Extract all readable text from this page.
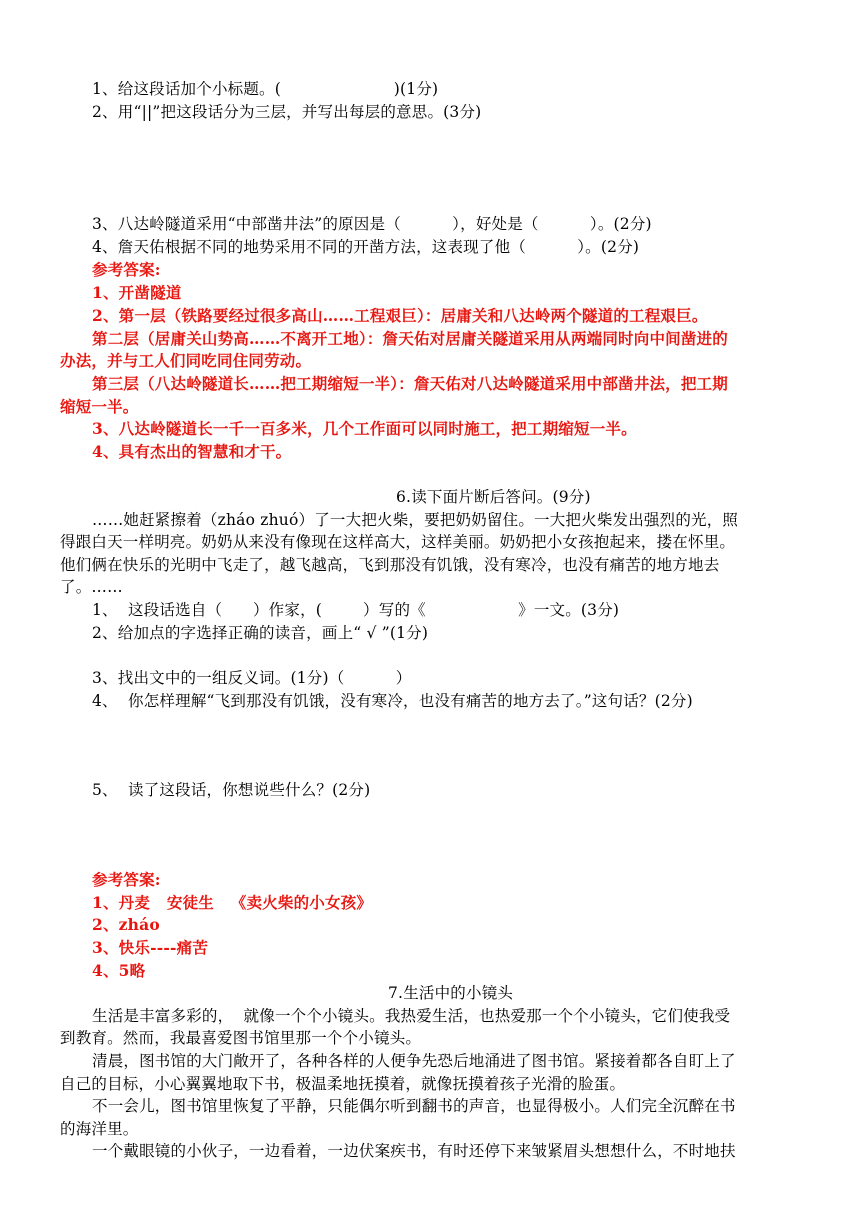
1、给这段话加个小标题。(                      )(1分)
2、用“||”把这段话分为三层，并写出每层的意思。(3分)
3、八达岭隧道采用“中部凿井法”的原因是（          ），好处是（          ）。(2分)
4、詹天佑根据不同的地势采用不同的开凿方法，这表现了他（          ）。(2分)
参考答案:
1、开凿隧道
2、第一层（铁路要经过很多高山……工程艰巨）：居庸关和八达岭两个隧道的工程艰巨。
第二层（居庸关山势高……不离开工地）：詹天佑对居庸关隧道采用从两端同时向中间凿进的
办法，并与工人们同吃同住同劳动。
第三层（八达岭隧道长……把工期缩短一半）：詹天佑对八达岭隧道采用中部凿井法，把工期
缩短一半。
3、八达岭隧道长一千一百多米，几个工作面可以同时施工，把工期缩短一半。
4、具有杰出的智慧和才干。
6.读下面片断后答问。(9分)
……她赶紧擦着（zháo zhuó）了一大把火柴，要把奶奶留住。一大把火柴发出强烈的光，照
得跟白天一样明亮。奶奶从来没有像现在这样高大，这样美丽。奶奶把小女孩抱起来，搂在怀里。
他们俩在快乐的光明中飞走了，越飞越高，飞到那没有饥饿，没有寒冷，也没有痛苦的地方地去
了。……
1、  这段话选自（      ）作家，(        ）写的《                  》一文。(3分)
2、给加点的字选择正确的读音，画上“ √ ”(1分)
3、找出文中的一组反义词。(1分)（          ）
4、  你怎样理解“飞到那没有饥饿，没有寒冷，也没有痛苦的地方去了。”这句话？(2分)
5、  读了这段话，你想说些什么？(2分)
参考答案:
1、丹麦   安徒生   《卖火柴的小女孩》
2、zháo
3、快乐----痛苦
4、5略
7.生活中的小镜头
生活是丰富多彩的，  就像一个个小镜头。我热爱生活，也热爱那一个个小镜头，它们使我受
到教育。然而，我最喜爱图书馆里那一个个小镜头。
清晨，图书馆的大门敞开了，各种各样的人便争先恐后地涌进了图书馆。紧接着都各自盯上了
自己的目标，小心翼翼地取下书，极温柔地抚摸着，就像抚摸着孩子光滑的脸蛋。
不一会儿，图书馆里恢复了平静，只能偶尔听到翻书的声音，也显得极小。人们完全沉醉在书
的海洋里。
一个戴眼镜的小伙子，一边看着，一边伏案疾书，有时还停下来皱紧眉头想想什么，不时地扶
